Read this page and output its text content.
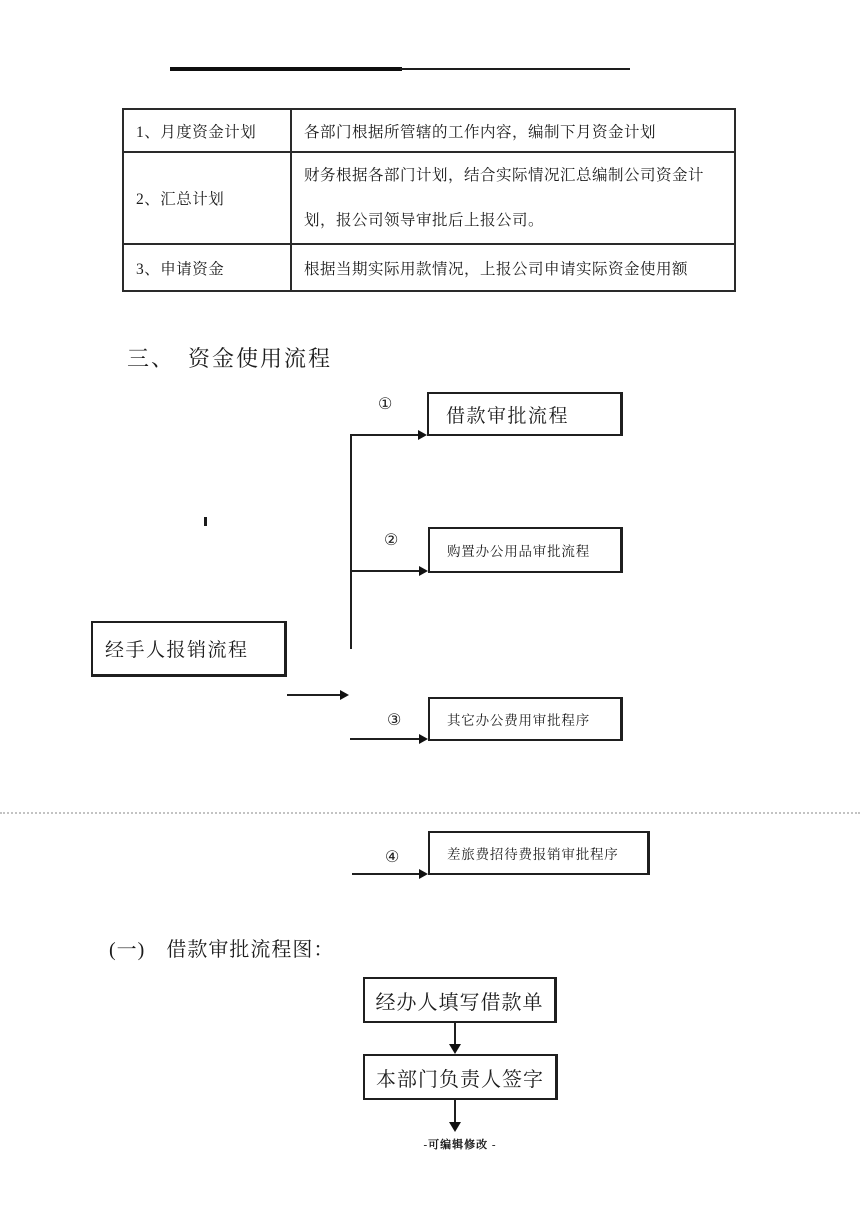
1、月度资金计划	各部门根据所管辖的工作内容，编制下月资金计划
2、汇总计划	财务根据各部门计划，结合实际情况汇总编制公司资金计
划，报公司领导审批后上报公司。

3、申请资金	根据当期实际用款情况，上报公司申请实际资金使用额
三、　资金使用流程
①
借款审批流程
②
购置办公用品审批流程
经手人报销流程
③	其它办公费用审批程序
④	差旅费招待费报销审批程序
(一)　借款审批流程图：
经办人填写借款单
本部门负责人签字
-可编辑修改 -
